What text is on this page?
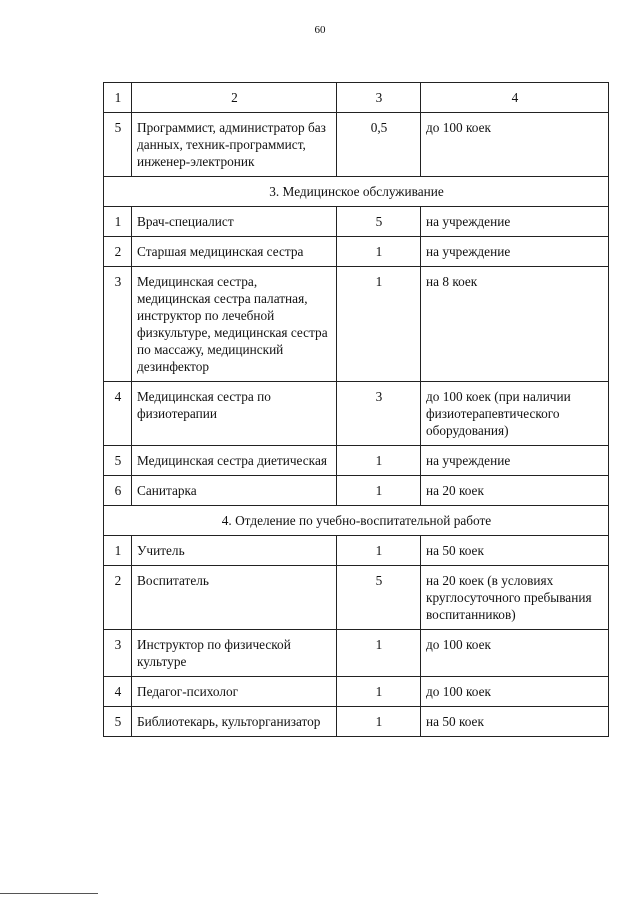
60
1	2	3	4
5	Программист, администратор баз данных, техник-программист, инженер-электроник	0,5	до 100 коек
3. Медицинское обслуживание			
1	Врач-специалист	5	на учреждение
2	Старшая медицинская сестра	1	на учреждение
3	Медицинская сестра, медицинская сестра палатная, инструктор по лечебной физкультуре, медицинская сестра по массажу, медицинский дезинфектор	1	на 8 коек
4	Медицинская сестра по физиотерапии	3	до 100 коек (при наличии физиотерапевтического оборудования)
5	Медицинская сестра диетическая	1	на учреждение
6	Санитарка	1	на 20 коек
4. Отделение по учебно-воспитательной работе			
1	Учитель	1	на 50 коек
2	Воспитатель	5	на 20 коек (в условиях круглосуточного пребывания воспитанников)
3	Инструктор по физической культуре	1	до 100 коек
4	Педагог-психолог	1	до 100 коек
5	Библиотекарь, культорганизатор	1	на 50 коек
